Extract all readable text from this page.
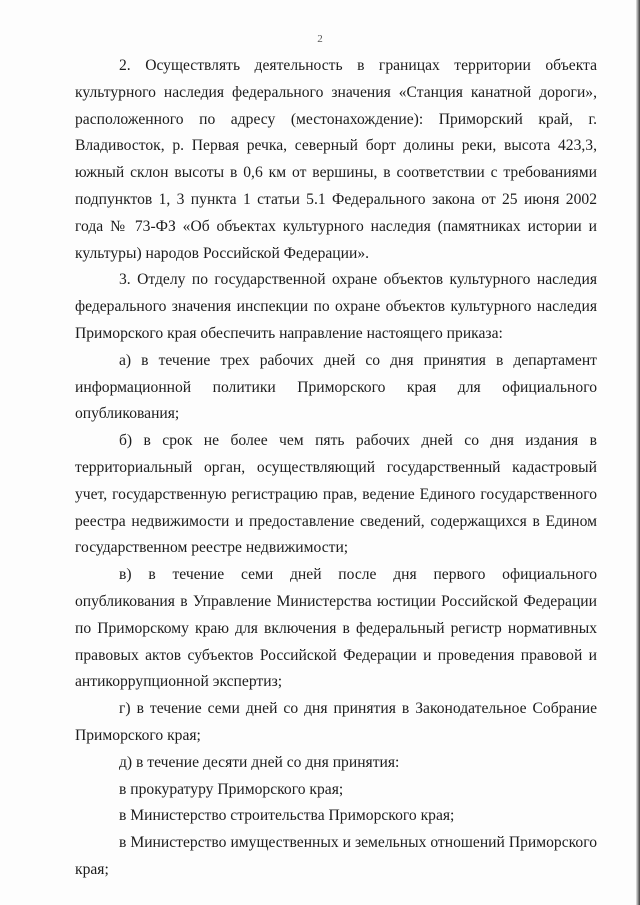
2

2. Осуществлять деятельность в границах территории объекта культурного наследия федерального значения «Станция канатной дороги», расположенного по адресу (местонахождение): Приморский край, г. Владивосток, р. Первая речка, северный борт долины реки, высота 423,3, южный склон высоты в 0,6 км от вершины, в соответствии с требованиями подпунктов 1, 3 пункта 1 статьи 5.1 Федерального закона от 25 июня 2002 года № 73-ФЗ «Об объектах культурного наследия (памятниках истории и культуры) народов Российской Федерации».

3. Отделу по государственной охране объектов культурного наследия федерального значения инспекции по охране объектов культурного наследия Приморского края обеспечить направление настоящего приказа:

а) в течение трех рабочих дней со дня принятия в департамент информационной политики Приморского края для официального опубликования;

б) в срок не более чем пять рабочих дней со дня издания в территориальный орган, осуществляющий государственный кадастровый учет, государственную регистрацию прав, ведение Единого государственного реестра недвижимости и предоставление сведений, содержащихся в Едином государственном реестре недвижимости;

в) в течение семи дней после дня первого официального опубликования в Управление Министерства юстиции Российской Федерации по Приморскому краю для включения в федеральный регистр нормативных правовых актов субъектов Российской Федерации и проведения правовой и антикоррупционной экспертиз;

г) в течение семи дней со дня принятия в Законодательное Собрание Приморского края;

д) в течение десяти дней со дня принятия:

в прокуратуру Приморского края;

в Министерство строительства Приморского края;

в Министерство имущественных и земельных отношений Приморского края;
